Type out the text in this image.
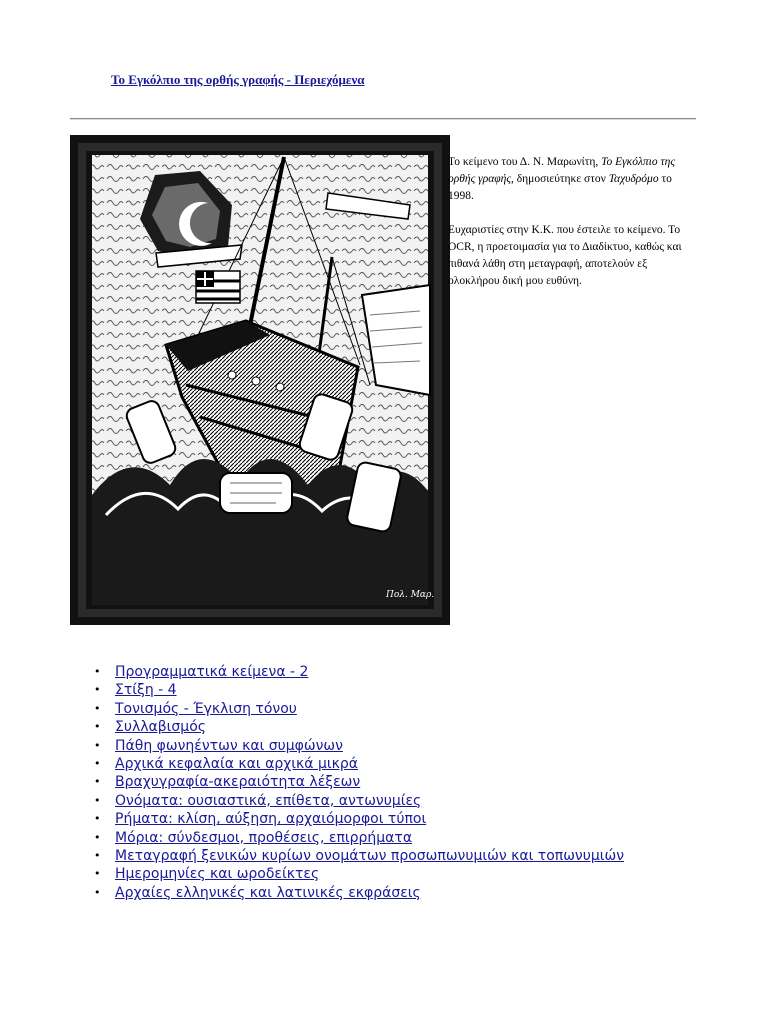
Το Εγκόλπιο της ορθής γραφής - Περιεχόμενα
Πολ. Μαρ.

Το κείμενο του Δ. Ν. Μαρωνίτη, Το Εγκόλπιο της ορθής γραφής, δημοσιεύτηκε στον Ταχυδρόμο το 1998.

Ευχαριστίες στην Κ.Κ. που έστειλε το κείμενο. Το OCR, η προετοιμασία για το Διαδίκτυο, καθώς και πιθανά λάθη στη μεταγραφή, αποτελούν εξ ολοκλήρου δική μου ευθύνη.

• Προγραμματικά κείμενα - 2
• Στίξη - 4
• Τονισμός - Έγκλιση τόνου
• Συλλαβισμός
• Πάθη φωνηέντων και συμφώνων
• Αρχικά κεφαλαία και αρχικά μικρά
• Βραχυγραφία-ακεραιότητα λέξεων
• Ονόματα: ουσιαστικά, επίθετα, αντωνυμίες
• Ρήματα: κλίση, αύξηση, αρχαιόμορφοι τύποι
• Μόρια: σύνδεσμοι, προθέσεις, επιρρήματα
• Μεταγραφή ξενικών κυρίων ονομάτων προσωπωνυμιών και τοπωνυμιών
• Ημερομηνίες και ωροδείκτες
• Αρχαίες ελληνικές και λατινικές εκφράσεις
